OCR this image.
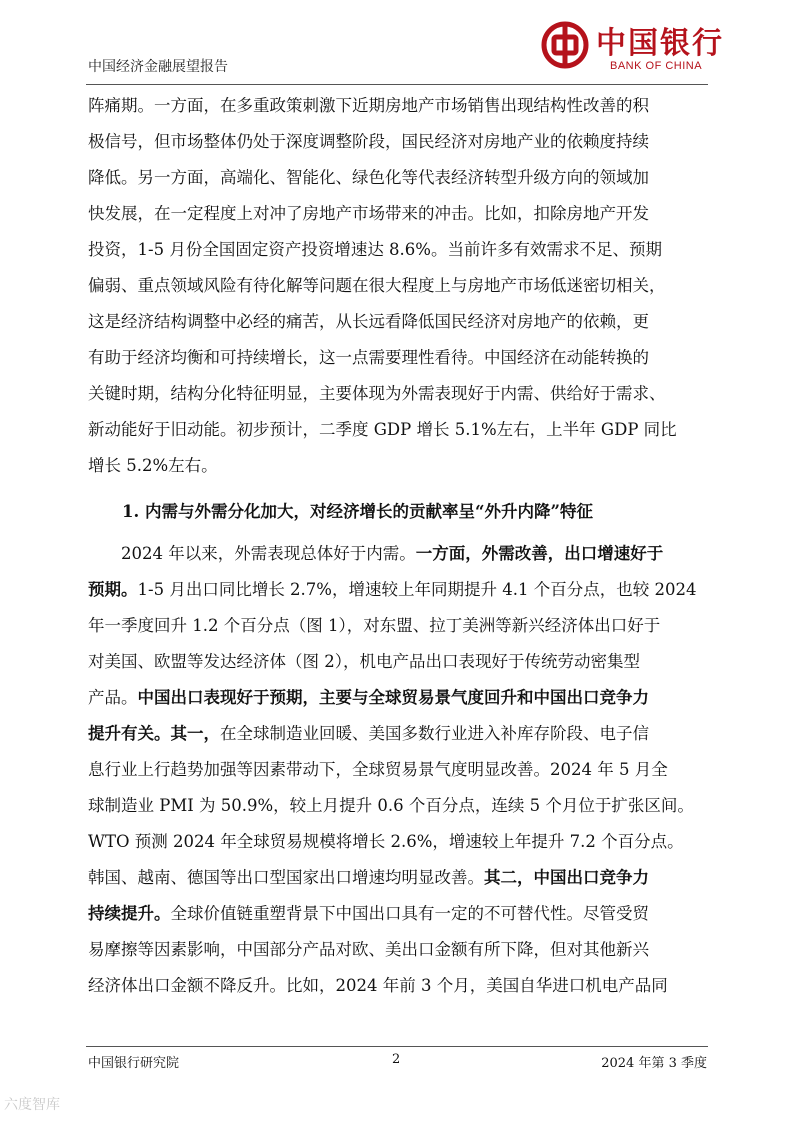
中国经济金融展望报告
中国银行
BANK OF CHINA
阵痛期。一方面，在多重政策刺激下近期房地产市场销售出现结构性改善的积
极信号，但市场整体仍处于深度调整阶段，国民经济对房地产业的依赖度持续
降低。另一方面，高端化、智能化、绿色化等代表经济转型升级方向的领域加
快发展，在一定程度上对冲了房地产市场带来的冲击。比如，扣除房地产开发
投资，1-5 月份全国固定资产投资增速达 8.6%。当前许多有效需求不足、预期
偏弱、重点领域风险有待化解等问题在很大程度上与房地产市场低迷密切相关，
这是经济结构调整中必经的痛苦，从长远看降低国民经济对房地产的依赖，更
有助于经济均衡和可持续增长，这一点需要理性看待。中国经济在动能转换的
关键时期，结构分化特征明显，主要体现为外需表现好于内需、供给好于需求、
新动能好于旧动能。初步预计，二季度 GDP 增长 5.1%左右，上半年 GDP 同比
增长 5.2%左右。
1. 内需与外需分化加大，对经济增长的贡献率呈“外升内降”特征
2024 年以来，外需表现总体好于内需。一方面，外需改善，出口增速好于
预期。1-5 月出口同比增长 2.7%，增速较上年同期提升 4.1 个百分点，也较 2024
年一季度回升 1.2 个百分点（图 1），对东盟、拉丁美洲等新兴经济体出口好于
对美国、欧盟等发达经济体（图 2），机电产品出口表现好于传统劳动密集型
产品。中国出口表现好于预期，主要与全球贸易景气度回升和中国出口竞争力
提升有关。其一，在全球制造业回暖、美国多数行业进入补库存阶段、电子信
息行业上行趋势加强等因素带动下，全球贸易景气度明显改善。2024 年 5 月全
球制造业 PMI 为 50.9%，较上月提升 0.6 个百分点，连续 5 个月位于扩张区间。
WTO 预测 2024 年全球贸易规模将增长 2.6%，增速较上年提升 7.2 个百分点。
韩国、越南、德国等出口型国家出口增速均明显改善。其二，中国出口竞争力
持续提升。全球价值链重塑背景下中国出口具有一定的不可替代性。尽管受贸
易摩擦等因素影响，中国部分产品对欧、美出口金额有所下降，但对其他新兴
经济体出口金额不降反升。比如，2024 年前 3 个月，美国自华进口机电产品同
中国银行研究院	2	2024 年第 3 季度
六度智库
